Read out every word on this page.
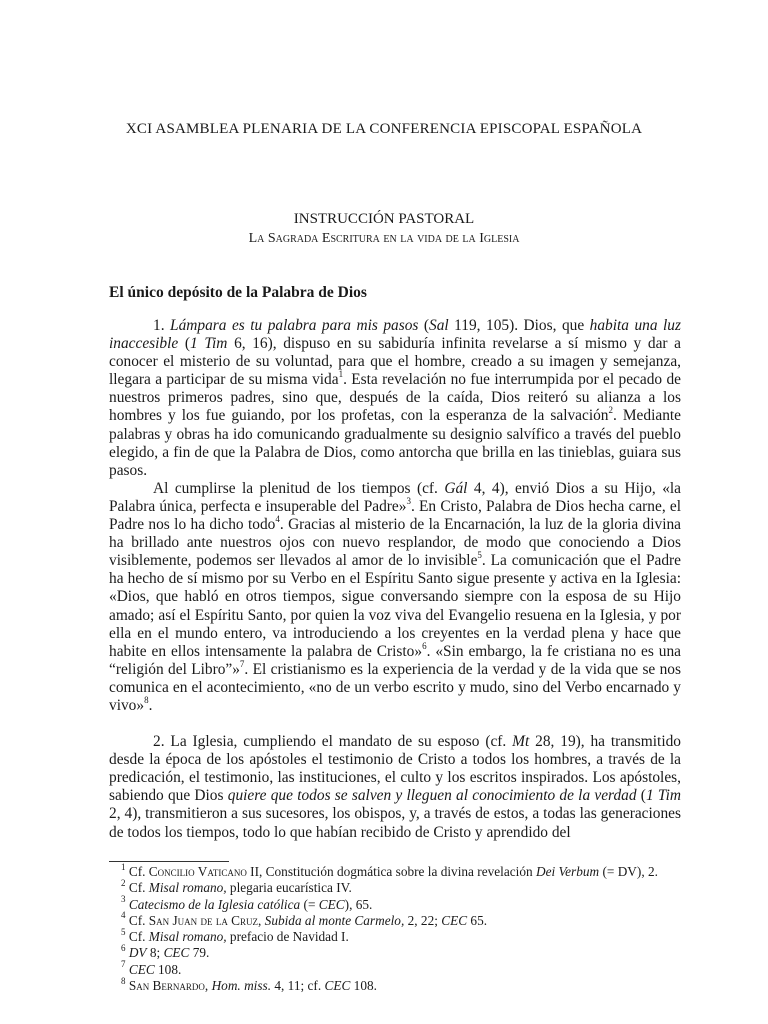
XCI ASAMBLEA PLENARIA DE LA CONFERENCIA EPISCOPAL ESPAÑOLA
INSTRUCCIÓN PASTORAL
La Sagrada Escritura en la vida de la Iglesia
El único depósito de la Palabra de Dios

1. Lámpara es tu palabra para mis pasos (Sal 119, 105). Dios, que habita una luz inaccesible (1 Tim 6, 16), dispuso en su sabiduría infinita revelarse a sí mismo y dar a conocer el misterio de su voluntad, para que el hombre, creado a su imagen y semejanza, llegara a participar de su misma vida$^1$. Esta revelación no fue interrumpida por el pecado de nuestros primeros padres, sino que, después de la caída, Dios reiteró su alianza a los hombres y los fue guiando, por los profetas, con la esperanza de la salvación$^2$. Mediante palabras y obras ha ido comunicando gradualmente su designio salvífico a través del pueblo elegido, a fin de que la Palabra de Dios, como antorcha que brilla en las tinieblas, guiara sus pasos.

Al cumplirse la plenitud de los tiempos (cf. Gál 4, 4), envió Dios a su Hijo, «la Palabra única, perfecta e insuperable del Padre»$^3$. En Cristo, Palabra de Dios hecha carne, el Padre nos lo ha dicho todo$^4$. Gracias al misterio de la Encarnación, la luz de la gloria divina ha brillado ante nuestros ojos con nuevo resplandor, de modo que conociendo a Dios visiblemente, podemos ser llevados al amor de lo invisible$^5$. La comunicación que el Padre ha hecho de sí mismo por su Verbo en el Espíritu Santo sigue presente y activa en la Iglesia: «Dios, que habló en otros tiempos, sigue conversando siempre con la esposa de su Hijo amado; así el Espíritu Santo, por quien la voz viva del Evangelio resuena en la Iglesia, y por ella en el mundo entero, va introduciendo a los creyentes en la verdad plena y hace que habite en ellos intensamente la palabra de Cristo»$^6$. «Sin embargo, la fe cristiana no es una “religión del Libro”»$^7$. El cristianismo es la experiencia de la verdad y de la vida que se nos comunica en el acontecimiento, «no de un verbo escrito y mudo, sino del Verbo encarnado y vivo»$^8$.

2. La Iglesia, cumpliendo el mandato de su esposo (cf. Mt 28, 19), ha transmitido desde la época de los apóstoles el testimonio de Cristo a todos los hombres, a través de la predicación, el testimonio, las instituciones, el culto y los escritos inspirados. Los apóstoles, sabiendo que Dios quiere que todos se salven y lleguen al conocimiento de la verdad (1 Tim 2, 4), transmitieron a sus sucesores, los obispos, y, a través de estos, a todas las generaciones de todos los tiempos, todo lo que habían recibido de Cristo y aprendido del

$^1$ Cf. Concilio Vaticano II, Constitución dogmática sobre la divina revelación Dei Verbum (= DV), 2.
$^2$ Cf. Misal romano, plegaria eucarística IV.
$^3$ Catecismo de la Iglesia católica (= CEC), 65.
$^4$ Cf. San Juan de la Cruz, Subida al monte Carmelo, 2, 22; CEC 65.
$^5$ Cf. Misal romano, prefacio de Navidad I.
$^6$ DV 8; CEC 79.
$^7$ CEC 108.
$^8$ San Bernardo, Hom. miss. 4, 11; cf. CEC 108.
